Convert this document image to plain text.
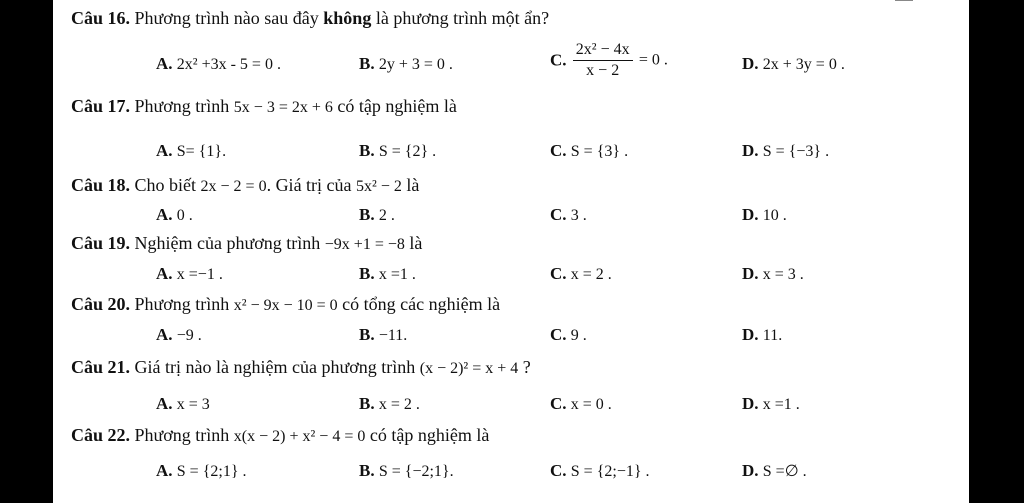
Câu 16. Phương trình nào sau đây không là phương trình một ẩn?
A. 2x² +3x - 5 = 0 .	B. 2y + 3 = 0 .	C. $\frac{\text{2x² − 4x}}{x - 2} = 0$ .	D. 2x + 3y = 0 .
Câu 17. Phương trình 5x − 3 = 2x + 6 có tập nghiệm là
A. S= {1}.	B. S = {2} .	C. S = {3} .	D. S = {−3} .
Câu 18. Cho biết 2x − 2 = 0. Giá trị của 5x² − 2 là
A. 0 .	B. 2 .	C. 3 .	D. 10 .
Câu 19. Nghiệm của phương trình −9x +1 = −8 là
A. x =−1 .	B. x =1 .	C. x = 2 .	D. x = 3 .
Câu 20. Phương trình x² − 9x − 10 = 0 có tổng các nghiệm là
A. −9 .	B. −11.	C. 9 .	D. 11.
Câu 21. Giá trị nào là nghiệm của phương trình (x − 2)² = x + 4 ?
A. x = 3	B. x = 2 .	C. x = 0 .	D. x =1 .
Câu 22. Phương trình x(x − 2) + x² − 4 = 0 có tập nghiệm là
A. S = {2;1} .	B. S = {−2;1}.	C. S = {2;−1} .	D. S =∅ .
